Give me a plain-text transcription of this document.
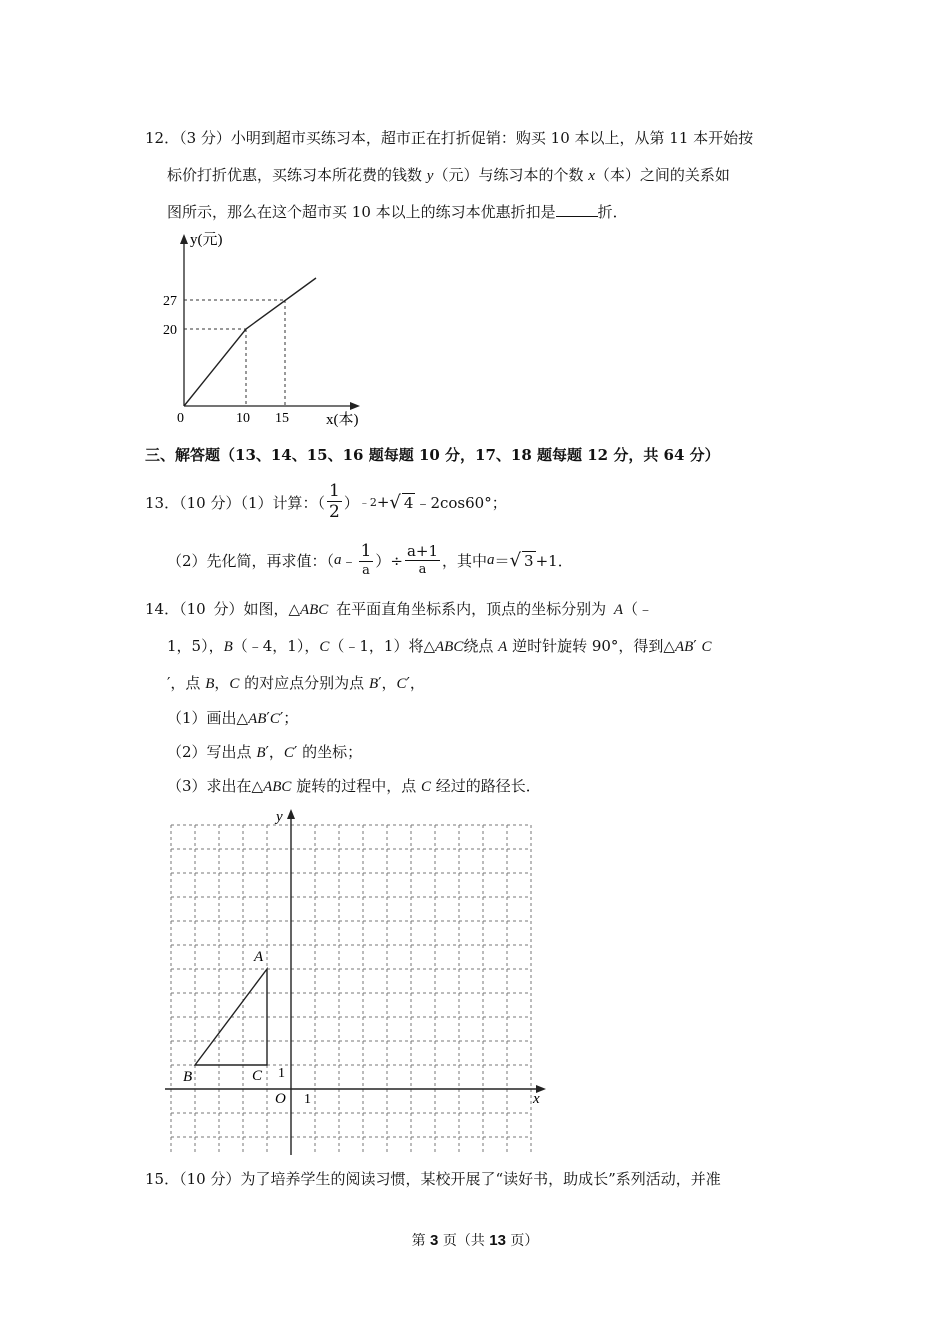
12．（3 分）小明到超市买练习本，超市正在打折促销：购买 10 本以上，从第 11 本开始按
标价打折优惠，买练习本所花费的钱数 y（元）与练习本的个数 x（本）之间的关系如
图所示，那么在这个超市买 10 本以上的练习本优惠折扣是	折．
y(元)
x(本)
0	10 15
20
27
三、解答题（13、14、15、16 题每题 10 分，17、18 题每题 12 分，共 64 分）
13．（10 分）（1）计算：（ $\frac{1}{2}$ ） ﹣2 + √ 4 ﹣2cos60°；
（2）先化简，再求值：（ a ﹣ $\frac{1}{a}$ ）÷ $\frac{a+1}{a}$ ，其中 a ＝ √ 3 +1．
14．（10 分）如图，△ABC 在平面直角坐标系内，顶点的坐标分别为 A（﹣
1，5），B（﹣4，1），C（﹣1，1）将△ABC绕点 A 逆时针旋转 90°，得到△AB′ C
′，点 B，C 的对应点分别为点 B′，C′，
（1）画出△AB′C′；
（2）写出点 B′，C′ 的坐标；
（3）求出在△ABC 旋转的过程中，点 C 经过的路径长．
y
x
O 1
1
A
B	C
15．（10 分）为了培养学生的阅读习惯，某校开展了“读好书，助成长”系列活动，并准
第 3 页（共 13 页）
